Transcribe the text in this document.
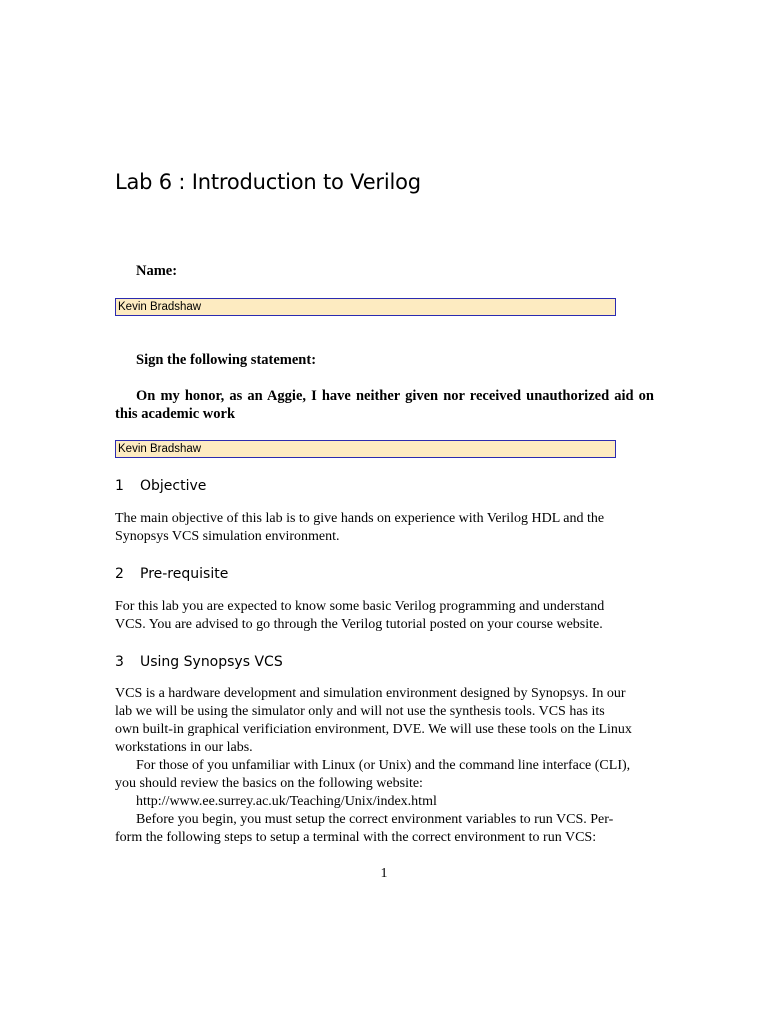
Lab 6 : Introduction to Verilog
Name:
Kevin Bradshaw
Sign the following statement:

On my honor, as an Aggie, I have neither given nor received unauthorized aid on this academic work

Kevin Bradshaw
1 Objective

The main objective of this lab is to give hands on experience with Verilog HDL and the
Synopsys VCS simulation environment.

2 Pre-requisite

For this lab you are expected to know some basic Verilog programming and understand
VCS. You are advised to go through the Verilog tutorial posted on your course website.

3 Using Synopsys VCS

VCS is a hardware development and simulation environment designed by Synopsys. In our
lab we will be using the simulator only and will not use the synthesis tools. VCS has its
own built-in graphical verificiation environment, DVE. We will use these tools on the Linux
workstations in our labs.
For those of you unfamiliar with Linux (or Unix) and the command line interface (CLI),
you should review the basics on the following website:
http://www.ee.surrey.ac.uk/Teaching/Unix/index.html
Before you begin, you must setup the correct environment variables to run VCS. Per-
form the following steps to setup a terminal with the correct environment to run VCS:

1
